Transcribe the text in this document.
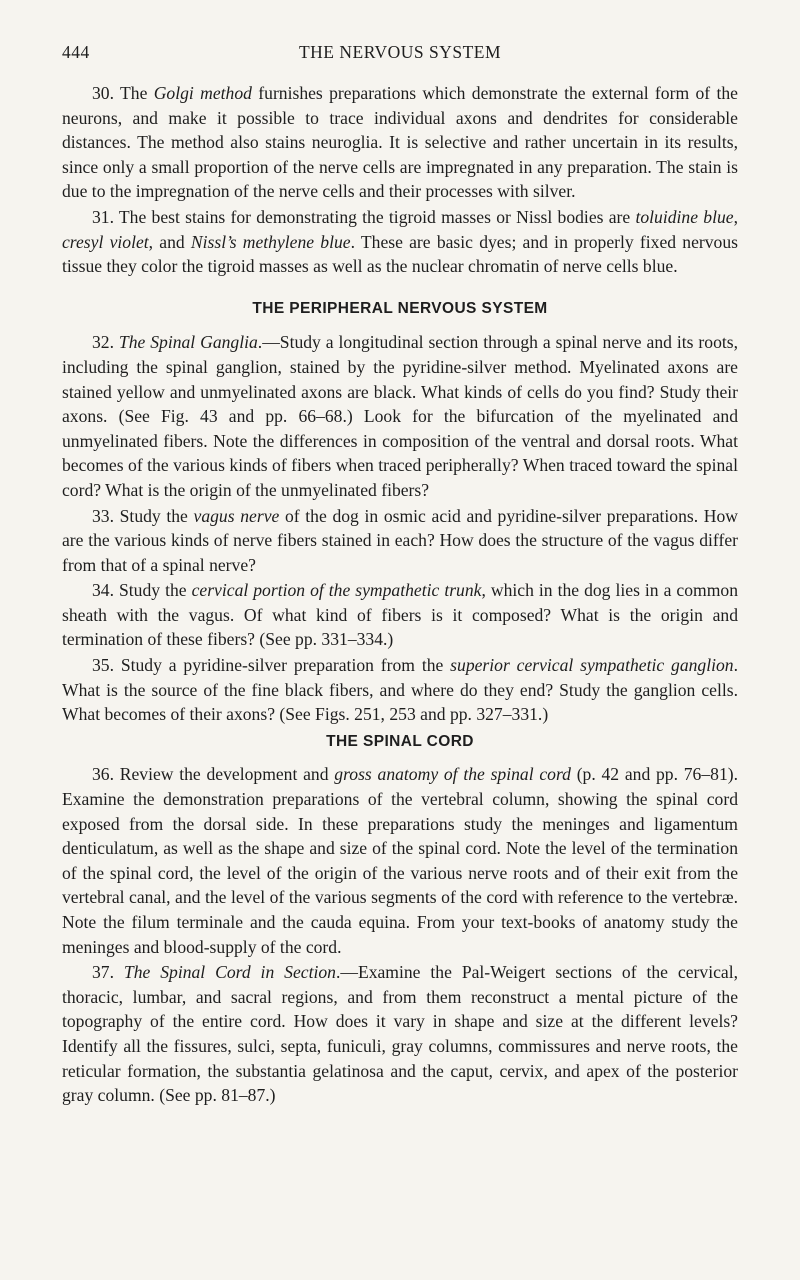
444	THE NERVOUS SYSTEM

30. The Golgi method furnishes preparations which demonstrate the external form of the neurons, and make it possible to trace individual axons and dendrites for considerable distances. The method also stains neuroglia. It is selective and rather uncertain in its results, since only a small proportion of the nerve cells are impregnated in any preparation. The stain is due to the impregnation of the nerve cells and their processes with silver.

31. The best stains for demonstrating the tigroid masses or Nissl bodies are toluidine blue, cresyl violet, and Nissl’s methylene blue. These are basic dyes; and in properly fixed nervous tissue they color the tigroid masses as well as the nuclear chromatin of nerve cells blue.

THE PERIPHERAL NERVOUS SYSTEM

32. The Spinal Ganglia.—Study a longitudinal section through a spinal nerve and its roots, including the spinal ganglion, stained by the pyridine-silver method. Myelinated axons are stained yellow and unmyelinated axons are black. What kinds of cells do you find? Study their axons. (See Fig. 43 and pp. 66–68.) Look for the bifurcation of the myelinated and unmyelinated fibers. Note the differences in composition of the ventral and dorsal roots. What becomes of the various kinds of fibers when traced peripherally? When traced toward the spinal cord? What is the origin of the unmyelinated fibers?

33. Study the vagus nerve of the dog in osmic acid and pyridine-silver preparations. How are the various kinds of nerve fibers stained in each? How does the structure of the vagus differ from that of a spinal nerve?

34. Study the cervical portion of the sympathetic trunk, which in the dog lies in a common sheath with the vagus. Of what kind of fibers is it composed? What is the origin and termination of these fibers? (See pp. 331–334.)

35. Study a pyridine-silver preparation from the superior cervical sympathetic ganglion. What is the source of the fine black fibers, and where do they end? Study the ganglion cells. What becomes of their axons? (See Figs. 251, 253 and pp. 327–331.)

THE SPINAL CORD

36. Review the development and gross anatomy of the spinal cord (p. 42 and pp. 76–81). Examine the demonstration preparations of the vertebral column, showing the spinal cord exposed from the dorsal side. In these preparations study the meninges and ligamentum denticulatum, as well as the shape and size of the spinal cord. Note the level of the termination of the spinal cord, the level of the origin of the various nerve roots and of their exit from the vertebral canal, and the level of the various segments of the cord with reference to the vertebræ. Note the filum terminale and the cauda equina. From your text-books of anatomy study the meninges and blood-supply of the cord.

37. The Spinal Cord in Section.—Examine the Pal-Weigert sections of the cervical, thoracic, lumbar, and sacral regions, and from them reconstruct a mental picture of the topography of the entire cord. How does it vary in shape and size at the different levels? Identify all the fissures, sulci, septa, funiculi, gray columns, commissures and nerve roots, the reticular formation, the substantia gelatinosa and the caput, cervix, and apex of the posterior gray column. (See pp. 81–87.)
